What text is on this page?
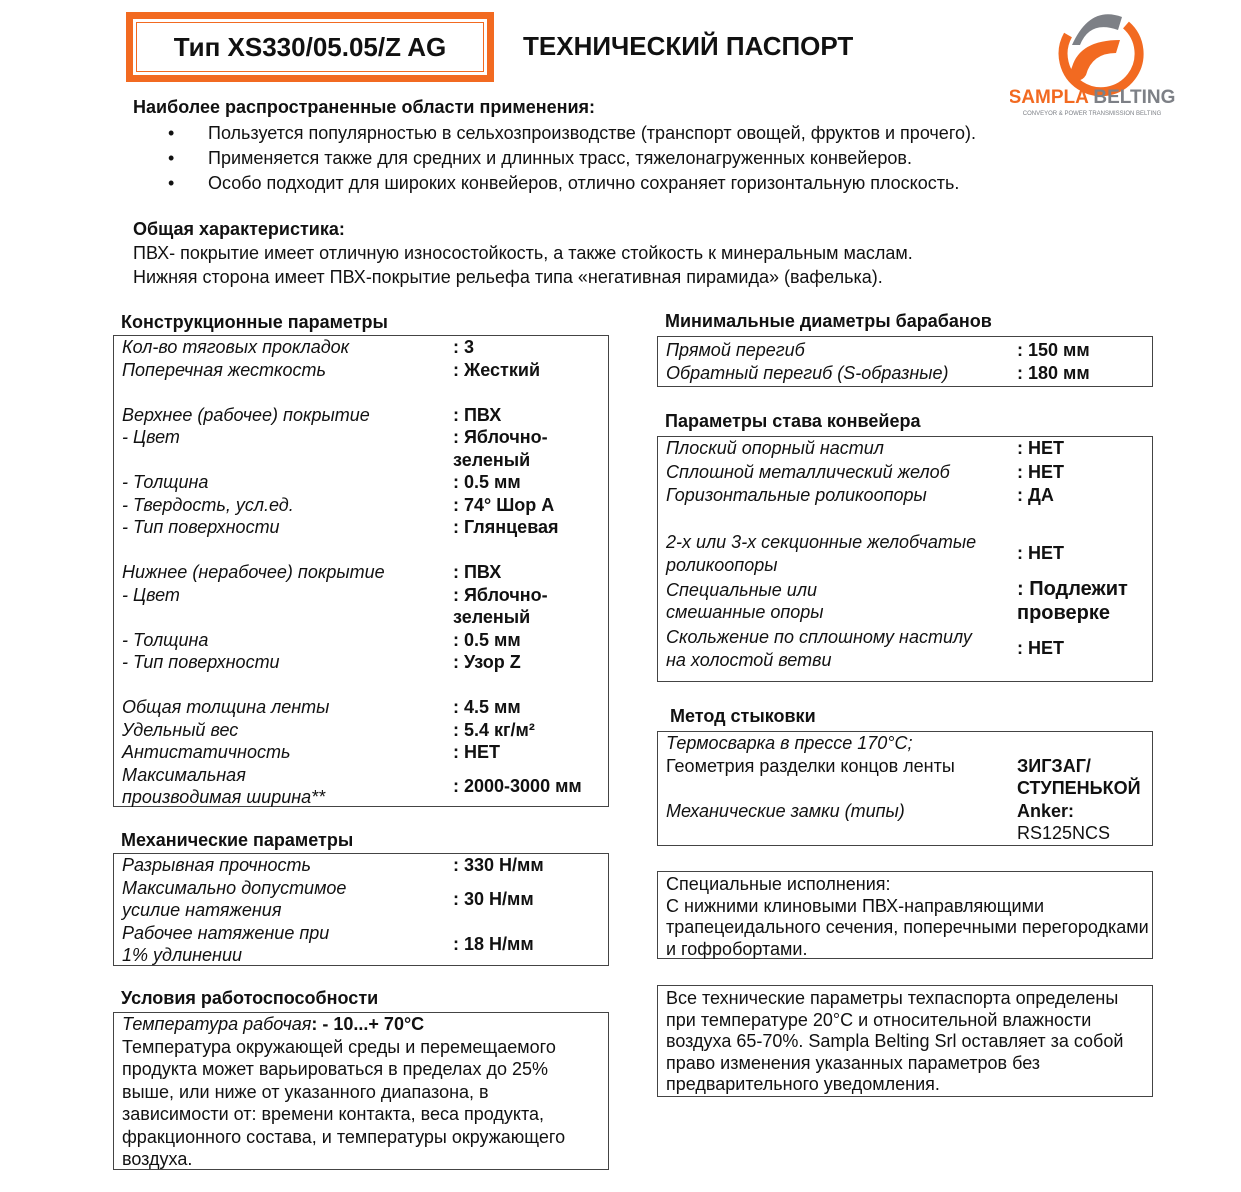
Тип XS330/05.05/Z AG	ТЕХНИЧЕСКИЙ ПАСПОРТ
SAMPLA BELTING
CONVEYOR & POWER TRANSMISSION BELTING
Наиболее распространенные области применения:
•	Пользуется популярностью в сельхозпроизводстве (транспорт овощей, фруктов и прочего).
•	Применяется также для средних и длинных трасс, тяжелонагруженных конвейеров.
•	Особо подходит для широких конвейеров, отлично сохраняет горизонтальную плоскость.
Общая характеристика:
ПВХ- покрытие имеет отличную износостойкость, а также стойкость к минеральным маслам.
Нижняя сторона имеет ПВХ-покрытие рельефа типа «негативная пирамида» (вафелька).
Конструкционные параметры
Кол-во тяговых прокладок	: 3
Поперечная жесткость	: Жесткий
Верхнее (рабочее) покрытие	: ПВХ
- Цвет	: Яблочно-
зеленый
- Толщина	: 0.5 мм
- Твердость, усл.ед.	: 74° Шор A
- Тип поверхности	: Глянцевая
Нижнее (нерабочее) покрытие	: ПВХ
- Цвет	: Яблочно-
зеленый
- Толщина	: 0.5 мм
- Тип поверхности	: Узор Z
Общая толщина ленты	: 4.5 мм
Удельный вес	: 5.4 кг/м²
Антистатичность	: НЕТ
Максимальная
производимая ширина**
: 2000-3000 мм
Механические параметры
Разрывная прочность	: 330 Н/мм
Максимально допустимое
усилие натяжения
: 30 Н/мм
Рабочее натяжение при
1% удлинении
: 18 Н/мм
Условия работоспособности
Температура рабочая: - 10...+ 70°C
Температура окружающей среды и перемещаемого продукта может варьироваться в пределах до 25% выше, или ниже от указанного диапазона, в зависимости от: времени контакта, веса продукта, фракционного состава, и температуры окружающего воздуха.
Минимальные диаметры барабанов
Прямой перегиб	: 150 мм
Обратный перегиб (S-образные)	: 180 мм
Параметры става конвейера
Плоский опорный настил	: НЕТ
Сплошной металлический желоб	: НЕТ
Горизонтальные роликоопоры	: ДА
2-х или 3-х секционные желобчатые
роликоопоры
: НЕТ
Специальные или
смешанные опоры
: Подлежит
проверке
Скольжение по сплошному настилу
на холостой ветви
: НЕТ
Метод стыковки
Термосварка в прессе 170°C;
Геометрия разделки концов ленты	ЗИГЗАГ/
СТУПЕНЬКОЙ
Механические замки (типы)	Anker:
RS125NCS
Специальные исполнения:
С нижними клиновыми ПВХ-направляющими трапецеидального сечения, поперечными перегородками и гофробортами.
Все технические параметры техпаспорта определены при температуре 20°C и относительной влажности воздуха 65-70%. Sampla Belting Srl оставляет за собой право изменения указанных параметров без предварительного уведомления.
